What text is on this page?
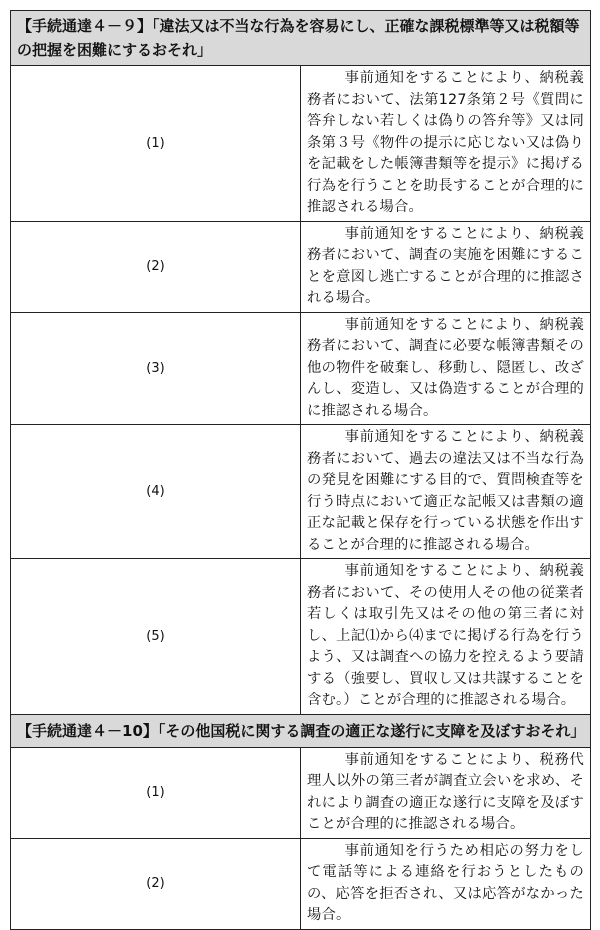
【手続通達４－９】「違法又は不当な行為を容易にし、正確な課税標準等又は税額等の把握を困難にするおそれ」	
(1)	事前通知をすることにより、納税義務者において、法第127条第２号《質問に答弁しない若しくは偽りの答弁等》又は同条第３号《物件の提示に応じない又は偽りを記載をした帳簿書類等を提示》に掲げる行為を行うことを助長することが合理的に推認される場合。
(2)	事前通知をすることにより、納税義務者において、調査の実施を困難にすることを意図し逃亡することが合理的に推認される場合。
(3)	事前通知をすることにより、納税義務者において、調査に必要な帳簿書類その他の物件を破棄し、移動し、隠匿し、改ざんし、変造し、又は偽造することが合理的に推認される場合。
(4)	事前通知をすることにより、納税義務者において、過去の違法又は不当な行為の発見を困難にする目的で、質問検査等を行う時点において適正な記帳又は書類の適正な記載と保存を行っている状態を作出することが合理的に推認される場合。
(5)	事前通知をすることにより、納税義務者において、その使用人その他の従業者若しくは取引先又はその他の第三者に対し、上記⑴から⑷までに掲げる行為を行うよう、又は調査への協力を控えるよう要請する（強要し、買収し又は共謀することを含む。）ことが合理的に推認される場合。
【手続通達４－10】「その他国税に関する調査の適正な遂行に支障を及ぼすおそれ」	
(1)	事前通知をすることにより、税務代理人以外の第三者が調査立会いを求め、それにより調査の適正な遂行に支障を及ぼすことが合理的に推認される場合。
(2)	事前通知を行うため相応の努力をして電話等による連絡を行おうとしたものの、応答を拒否され、又は応答がなかった場合。
